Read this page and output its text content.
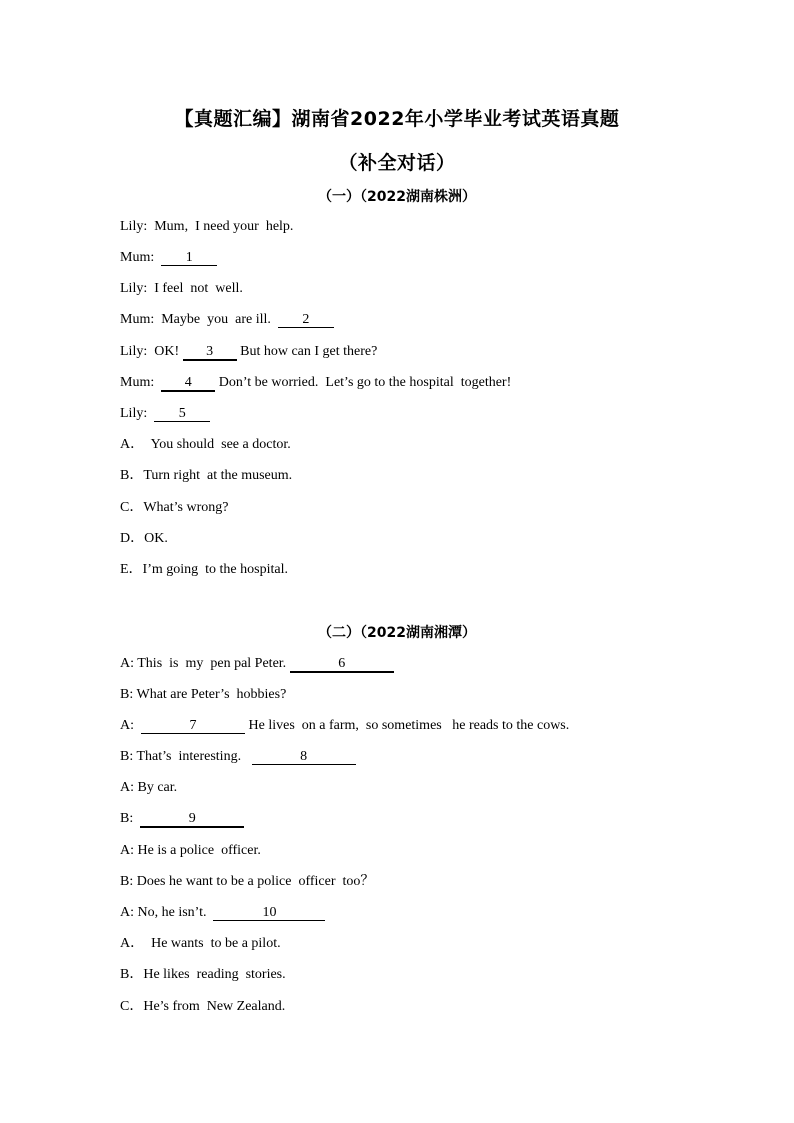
【真题汇编】湖南省2022年小学毕业考试英语真题
（补全对话）
（一）（2022湖南株洲）
Lily: Mum,  I need your  help.
Mum: 1
Lily: I feel  not  well.
Mum: Maybe  you  are ill. 2
Lily: OK! 3 But how can I get there?
Mum: 4 Don’t be worried.  Let’s go to the hospital  together!
Lily: 5
A．  You should  see a doctor.
B．Turn right  at the museum.
C．What’s wrong?
D．OK.
E．I’m going  to the hospital.
（二）（2022湖南湘潭）
A: This  is  my  pen pal Peter.	6
B: What are Peter’s  hobbies?
A:	7	He lives  on a farm,  so sometimes   he reads to the cows.
B: That’s  interesting.	8
A: By car.
B:	9
A: He is a police  officer.
B: Does he want to be a police  officer  too？
A: No, he isn’t.	10
A．  He wants  to be a pilot.
B．He likes  reading  stories.
C．He’s from  New Zealand.
